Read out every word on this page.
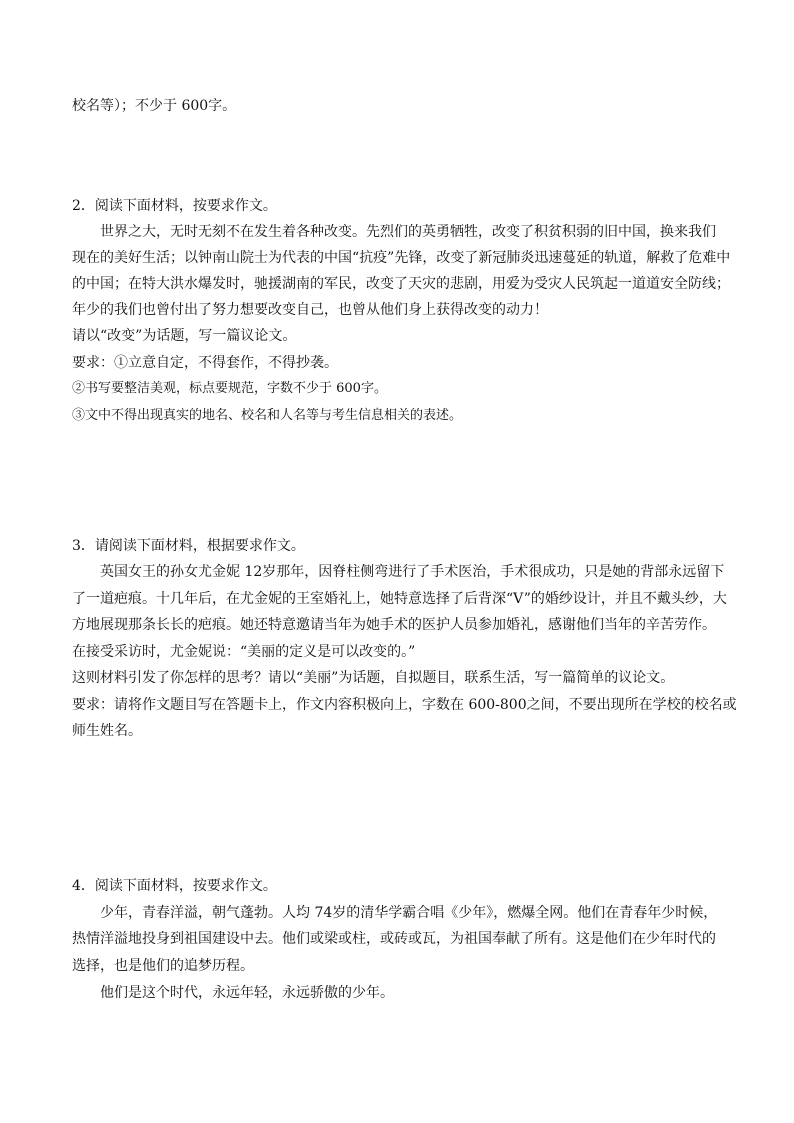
校名等）；不少于 600字。
2．阅读下面材料，按要求作文。
世界之大，无时无刻不在发生着各种改变。先烈们的英勇牺牲，改变了积贫积弱的旧中国，换来我们
现在的美好生活；以钟南山院士为代表的中国“抗疫”先锋，改变了新冠肺炎迅速蔓延的轨道，解救了危难中
的中国；在特大洪水爆发时，驰援湖南的军民，改变了天灾的悲剧，用爱为受灾人民筑起一道道安全防线；
年少的我们也曾付出了努力想要改变自己，也曾从他们身上获得改变的动力！
请以“改变”为话题，写一篇议论文。
要求：①立意自定，不得套作，不得抄袭。
②书写要整洁美观，标点要规范，字数不少于 600字。
③文中不得出现真实的地名、校名和人名等与考生信息相关的表述。
3．请阅读下面材料，根据要求作文。
英国女王的孙女尤金妮 12岁那年，因脊柱侧弯进行了手术医治，手术很成功，只是她的背部永远留下
了一道疤痕。十几年后，在尤金妮的王室婚礼上，她特意选择了后背深“V”的婚纱设计，并且不戴头纱，大
方地展现那条长长的疤痕。她还特意邀请当年为她手术的医护人员参加婚礼，感谢他们当年的辛苦劳作。
在接受采访时，尤金妮说：“美丽的定义是可以改变的。”
这则材料引发了你怎样的思考？请以“美丽”为话题，自拟题目，联系生活，写一篇简单的议论文。
要求：请将作文题目写在答题卡上，作文内容积极向上，字数在 600-800之间，不要出现所在学校的校名或
师生姓名。
4．阅读下面材料，按要求作文。
少年，青春洋溢，朝气蓬勃。人均 74岁的清华学霸合唱《少年》，燃爆全网。他们在青春年少时候，
热情洋溢地投身到祖国建设中去。他们或梁或柱，或砖或瓦，为祖国奉献了所有。这是他们在少年时代的
选择，也是他们的追梦历程。
他们是这个时代，永远年轻，永远骄傲的少年。
